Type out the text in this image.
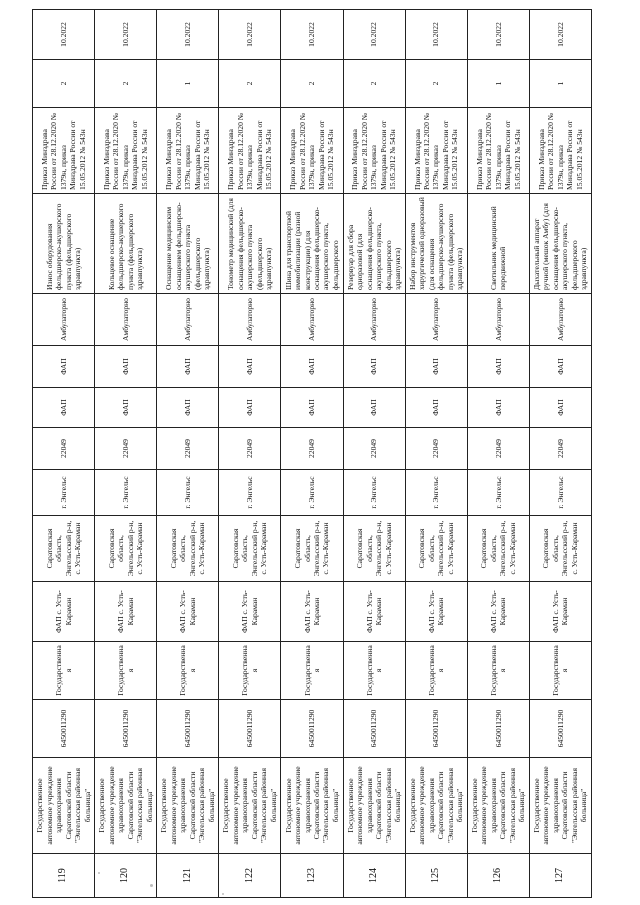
119	Государственное автономное учреждение здравоохранения Саратовской области "Энгельсская районная больница"	6450011290	Государственная	ФАП с. Усть-Караман	Саратовская область, Энгельсский р-н, с. Усть-Караман	г. Энгельс	22049	ФАП	ФАП	Амбулаторно	Износ оборудования фельдшерско-акушерского пункта (фельдшерского здравпункта)	Приказ Минздрава России от 28.12.2020 № 1379н, приказ Минздрава России от 15.05.2012 № 543н	2	10.2022
120	Государственное автономное учреждение здравоохранения Саратовской области "Энгельсская районная больница"	6450011290	Государственная	ФАП с. Усть-Караман	Саратовская область, Энгельсский р-н, с. Усть-Караман	г. Энгельс	22049	ФАП	ФАП	Амбулаторно	Кольцевое оснащение фельдшерско-акушерского пункта (фельдшерского здравпункта)	Приказ Минздрава России от 28.12.2020 № 1379н, приказ Минздрава России от 15.05.2012 № 543н	2	10.2022
121	Государственное автономное учреждение здравоохранения Саратовской области "Энгельсская районная больница"	6450011290	Государственная	ФАП с. Усть-Караман	Саратовская область, Энгельсский р-н, с. Усть-Караман	г. Энгельс	22049	ФАП	ФАП	Амбулаторно	Оснащение медицинским оснащением фельдшерско-акушерского пункта (фельдшерского здравпункта)	Приказ Минздрава России от 28.12.2020 № 1379н, приказ Минздрава России от 15.05.2012 № 543н	1	10.2022
122	Государственное автономное учреждение здравоохранения Саратовской области "Энгельсская районная больница"	6450011290	Государственная	ФАП с. Усть-Караман	Саратовская область, Энгельсский р-н, с. Усть-Караман	г. Энгельс	22049	ФАП	ФАП	Амбулаторно	Тонометр медицинский (для оснащения фельдшерско-акушерского пункта (фельдшерского здравпункта)	Приказ Минздрава России от 28.12.2020 № 1379н, приказ Минздрава России от 15.05.2012 № 543н	2	10.2022
123	Государственное автономное учреждение здравоохранения Саратовской области "Энгельсская районная больница"	6450011290	Государственная	ФАП с. Усть-Караман	Саратовская область, Энгельсский р-н, с. Усть-Караман	г. Энгельс	22049	ФАП	ФАП	Амбулаторно	Шина для транспортной иммобилизации (разной конструкции) (для оснащения фельдшерско-акушерского пункта, фельдшерского	Приказ Минздрава России от 28.12.2020 № 1379н, приказ Минздрава России от 15.05.2012 № 543н	2	10.2022
124	Государственное автономное учреждение здравоохранения Саратовской области "Энгельсская районная больница"	6450011290	Государственная	ФАП с. Усть-Караман	Саратовская область, Энгельсский р-н, с. Усть-Караман	г. Энгельс	22049	ФАП	ФАП	Амбулаторно	Резервуар для сбора одноразовой (для оснащения фельдшерско-акушерского пункта, фельдшерского здравпункта)	Приказ Минздрава России от 28.12.2020 № 1379н, приказ Минздрава России от 15.05.2012 № 543н	2	10.2022
125	Государственное автономное учреждение здравоохранения Саратовской области "Энгельсская районная больница"	6450011290	Государственная	ФАП с. Усть-Караман	Саратовская область, Энгельсский р-н, с. Усть-Караман	г. Энгельс	22049	ФАП	ФАП	Амбулаторно	Набор инструментов хирургический одноразовый (для оснащения фельдшерско-акушерского пункта (фельдшерского здравпункта)	Приказ Минздрава России от 28.12.2020 № 1379н, приказ Минздрава России от 15.05.2012 № 543н	2	10.2022
126	Государственное автономное учреждение здравоохранения Саратовской области "Энгельсская районная больница"	6450011290	Государственная	ФАП с. Усть-Караман	Саратовская область, Энгельсский р-н, с. Усть-Караман	г. Энгельс	22049	ФАП	ФАП	Амбулаторно	Светильник медицинский передвижной	Приказ Минздрава России от 28.12.2020 № 1379н, приказ Минздрава России от 15.05.2012 № 543н	1	10.2022
127	Государственное автономное учреждение здравоохранения Саратовской области "Энгельсская районная больница"	6450011290	Государственная	ФАП с. Усть-Караман	Саратовская область, Энгельсский р-н, с. Усть-Караман	г. Энгельс	22049	ФАП	ФАП	Амбулаторно	Дыхательный аппарат ручной (мешок Амбу) (для оснащения фельдшерско-акушерского пункта, фельдшерского здравпункта)	Приказ Минздрава России от 28.12.2020 № 1379н, приказ Минздрава России от 15.05.2012 № 543н	1	10.2022
